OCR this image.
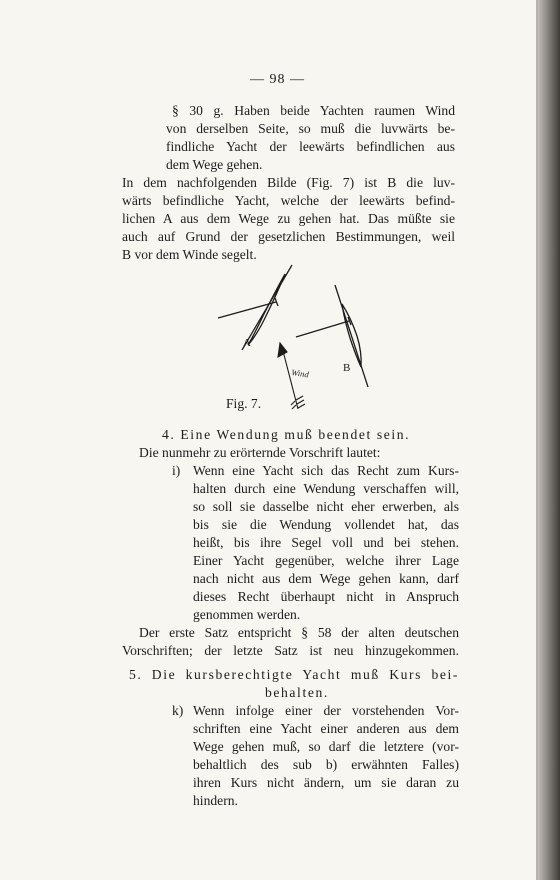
— 98 —
§ 30 g. Haben beide Yachten raumen Wind
von derselben Seite, so muß die luvwärts be-
findliche Yacht der leewärts befindlichen aus
dem Wege gehen.
In dem nachfolgenden Bilde (Fig. 7) ist B die luv-
wärts befindliche Yacht, welche der leewärts befind-
lichen A aus dem Wege zu gehen hat. Das müßte sie
auch auf Grund der gesetzlichen Bestimmungen, weil
B vor dem Winde segelt.
A
B
Wind
Fig. 7.
4. Eine Wendung muß beendet sein.
Die nunmehr zu erörternde Vorschrift lautet:
i) Wenn eine Yacht sich das Recht zum Kurs-
halten durch eine Wendung verschaffen will,
so soll sie dasselbe nicht eher erwerben, als
bis sie die Wendung vollendet hat, das
heißt, bis ihre Segel voll und bei stehen.
Einer Yacht gegenüber, welche ihrer Lage
nach nicht aus dem Wege gehen kann, darf
dieses Recht überhaupt nicht in Anspruch
genommen werden.
Der erste Satz entspricht § 58 der alten deutschen
Vorschriften; der letzte Satz ist neu hinzugekommen.
5. Die kursberechtigte Yacht muß Kurs bei-
behalten.
k) Wenn infolge einer der vorstehenden Vor-
schriften eine Yacht einer anderen aus dem
Wege gehen muß, so darf die letztere (vor-
behaltlich des sub b) erwähnten Falles)
ihren Kurs nicht ändern, um sie daran zu
hindern.
